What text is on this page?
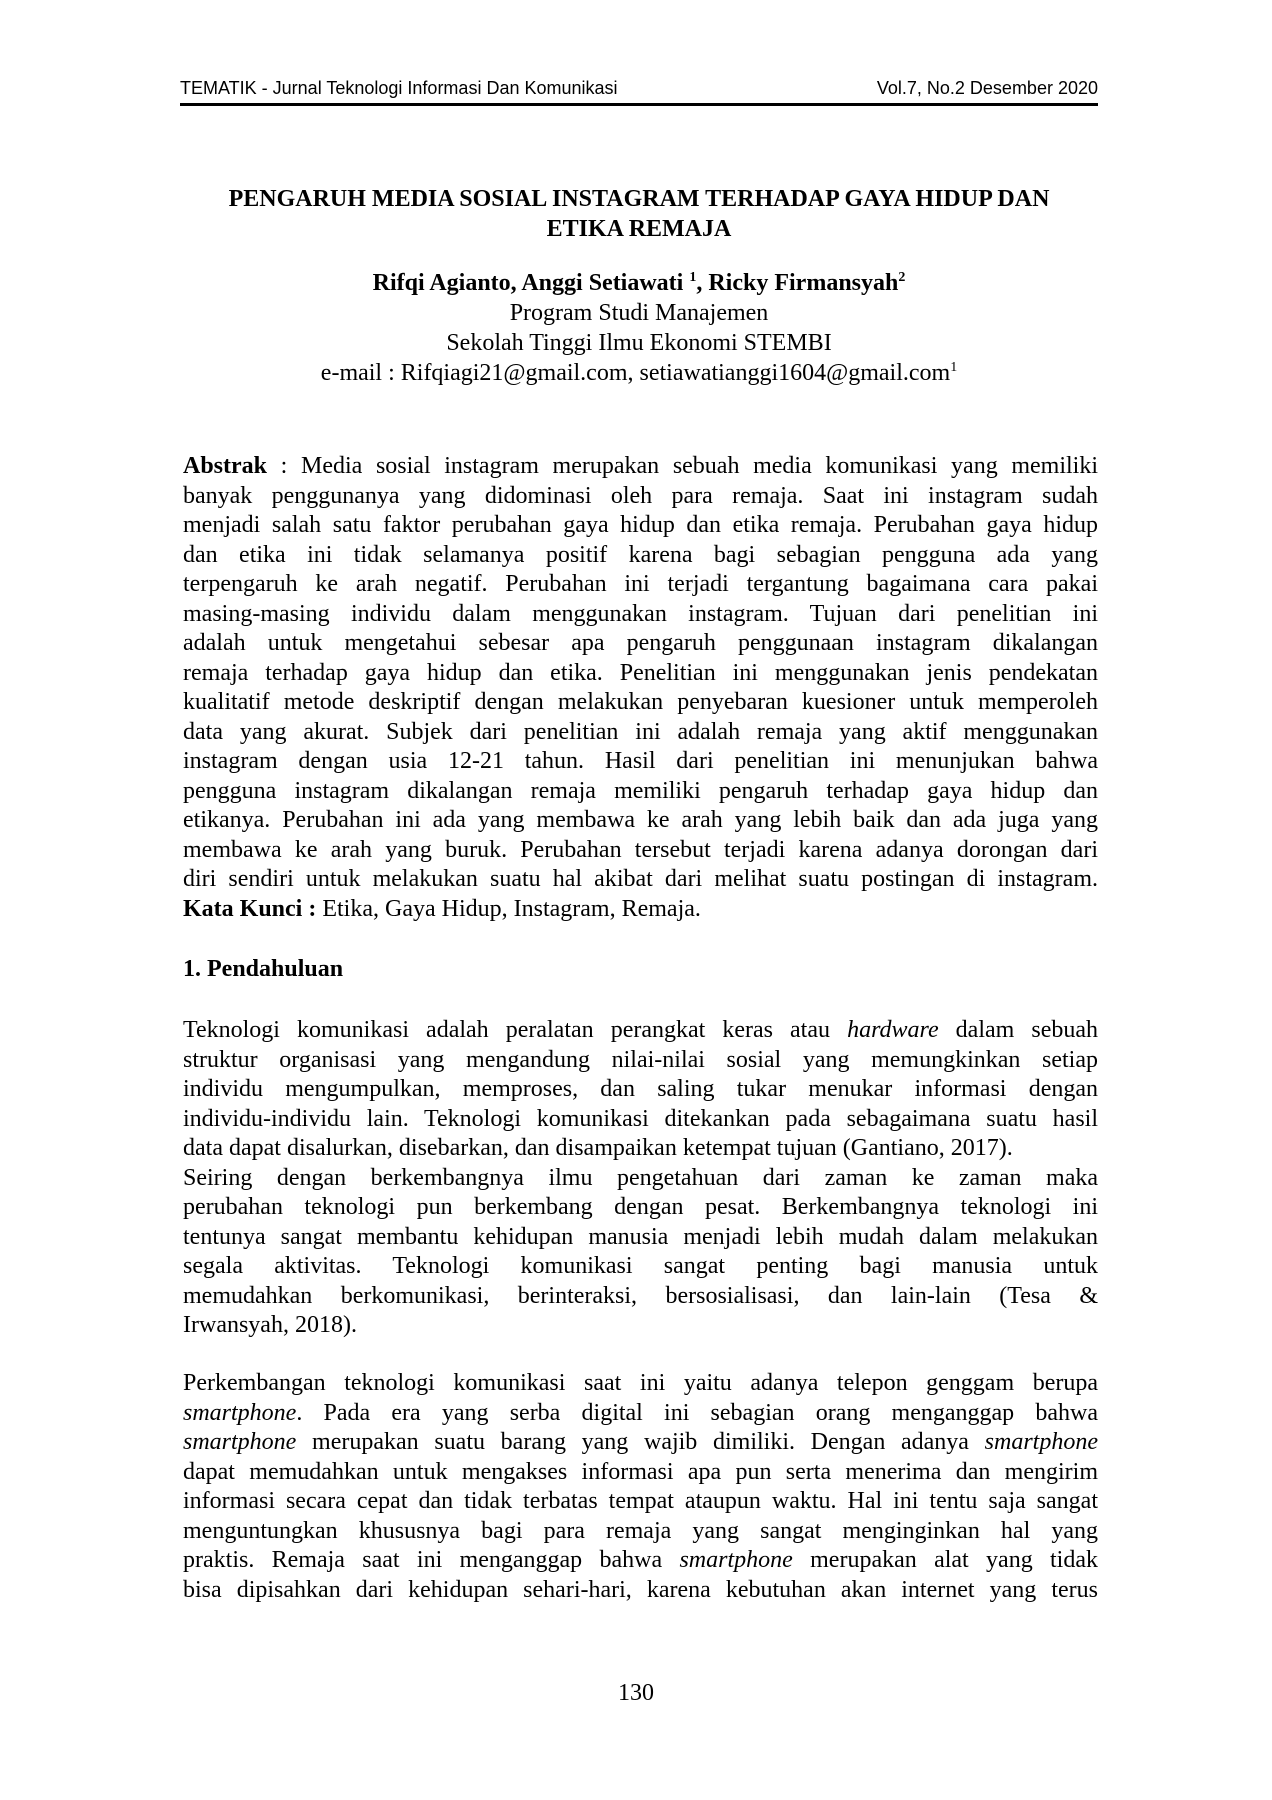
TEMATIK - Jurnal Teknologi Informasi Dan Komunikasi	Vol.7, No.2 Desember 2020
PENGARUH MEDIA SOSIAL INSTAGRAM TERHADAP GAYA HIDUP DAN
ETIKA REMAJA
Rifqi Agianto, Anggi Setiawati $^1$, Ricky Firmansyah$^2$
Program Studi Manajemen
Sekolah Tinggi Ilmu Ekonomi STEMBI
e-mail : Rifqiagi21@gmail.com, setiawatianggi1604@gmail.com$^1$
Abstrak : Media sosial instagram merupakan sebuah media komunikasi yang memiliki
banyak penggunanya yang didominasi oleh para remaja. Saat ini instagram sudah
menjadi salah satu faktor perubahan gaya hidup dan etika remaja. Perubahan gaya hidup
dan etika ini tidak selamanya positif karena bagi sebagian pengguna ada yang
terpengaruh ke arah negatif. Perubahan ini terjadi tergantung bagaimana cara pakai
masing-masing individu dalam menggunakan instagram. Tujuan dari penelitian ini
adalah untuk mengetahui sebesar apa pengaruh penggunaan instagram dikalangan
remaja terhadap gaya hidup dan etika. Penelitian ini menggunakan jenis pendekatan
kualitatif metode deskriptif dengan melakukan penyebaran kuesioner untuk memperoleh
data yang akurat. Subjek dari penelitian ini adalah remaja yang aktif menggunakan
instagram dengan usia 12-21 tahun. Hasil dari penelitian ini menunjukan bahwa
pengguna instagram dikalangan remaja memiliki pengaruh terhadap gaya hidup dan
etikanya. Perubahan ini ada yang membawa ke arah yang lebih baik dan ada juga yang
membawa ke arah yang buruk. Perubahan tersebut terjadi karena adanya dorongan dari
diri sendiri untuk melakukan suatu hal akibat dari melihat suatu postingan di instagram.
Kata Kunci : Etika, Gaya Hidup, Instagram, Remaja.
1. Pendahuluan
Teknologi komunikasi adalah peralatan perangkat keras atau hardware dalam sebuah
struktur organisasi yang mengandung nilai-nilai sosial yang memungkinkan setiap
individu mengumpulkan, memproses, dan saling tukar menukar informasi dengan
individu-individu lain. Teknologi komunikasi ditekankan pada sebagaimana suatu hasil
data dapat disalurkan, disebarkan, dan disampaikan ketempat tujuan (Gantiano, 2017).
Seiring dengan berkembangnya ilmu pengetahuan dari zaman ke zaman maka
perubahan teknologi pun berkembang dengan pesat. Berkembangnya teknologi ini
tentunya sangat membantu kehidupan manusia menjadi lebih mudah dalam melakukan
segala aktivitas. Teknologi komunikasi sangat penting bagi manusia untuk
memudahkan berkomunikasi, berinteraksi, bersosialisasi, dan lain-lain (Tesa &
Irwansyah, 2018).
Perkembangan teknologi komunikasi saat ini yaitu adanya telepon genggam berupa
smartphone. Pada era yang serba digital ini sebagian orang menganggap bahwa
smartphone merupakan suatu barang yang wajib dimiliki. Dengan adanya smartphone
dapat memudahkan untuk mengakses informasi apa pun serta menerima dan mengirim
informasi secara cepat dan tidak terbatas tempat ataupun waktu. Hal ini tentu saja sangat
menguntungkan khususnya bagi para remaja yang sangat menginginkan hal yang
praktis. Remaja saat ini menganggap bahwa smartphone merupakan alat yang tidak
bisa dipisahkan dari kehidupan sehari-hari, karena kebutuhan akan internet yang terus
130
